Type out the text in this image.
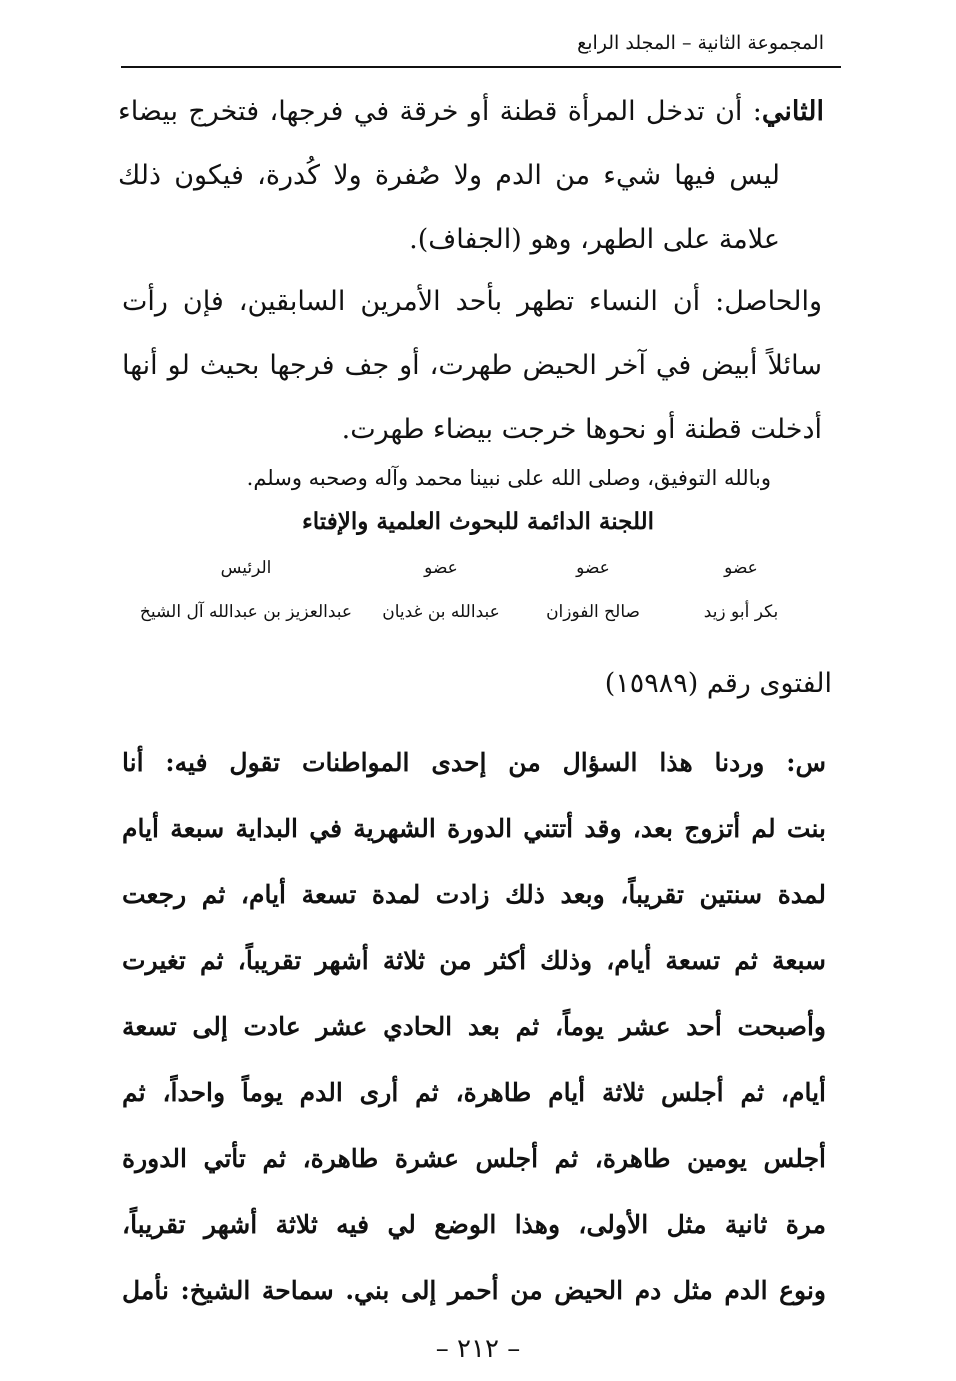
المجموعة الثانية – المجلد الرابع
الثاني: أن تدخل المرأة قطنة أو خرقة في فرجها، فتخرج بيضاء
ليس فيها شيء من الدم ولا صُفرة ولا كُدرة، فيكون ذلك
علامة على الطهر، وهو (الجفاف).
والحاصل: أن النساء تطهر بأحد الأمرين السابقين، فإن رأت
سائلاً أبيض في آخر الحيض طهرت، أو جف فرجها بحيث لو أنها
أدخلت قطنة أو نحوها خرجت بيضاء طهرت.
وبالله التوفيق، وصلى الله على نبينا محمد وآله وصحبه وسلم.
اللجنة الدائمة للبحوث العلمية والإفتاء
عضو
عضو
عضو
الرئيس
بكر أبو زيد
صالح الفوزان
عبدالله بن غديان
عبدالعزيز بن عبدالله آل الشيخ
الفتوى رقم (١٥٩٨٩)
س: وردنا هذا السؤال من إحدى المواطنات تقول فيه: أنا
بنت لم أتزوج بعد، وقد أتتني الدورة الشهرية في البداية سبعة أيام
لمدة سنتين تقريباً، وبعد ذلك زادت لمدة تسعة أيام، ثم رجعت
سبعة ثم تسعة أيام، وذلك أكثر من ثلاثة أشهر تقريباً، ثم تغيرت
وأصبحت أحد عشر يوماً، ثم بعد الحادي عشر عادت إلى تسعة
أيام، ثم أجلس ثلاثة أيام طاهرة، ثم أرى الدم يوماً واحداً، ثم
أجلس يومين طاهرة، ثم أجلس عشرة طاهرة، ثم تأتي الدورة
مرة ثانية مثل الأولى، وهذا الوضع لي فيه ثلاثة أشهر تقريباً،
ونوع الدم مثل دم الحيض من أحمر إلى بني. سماحة الشيخ: نأمل
– ٢١٢ –
